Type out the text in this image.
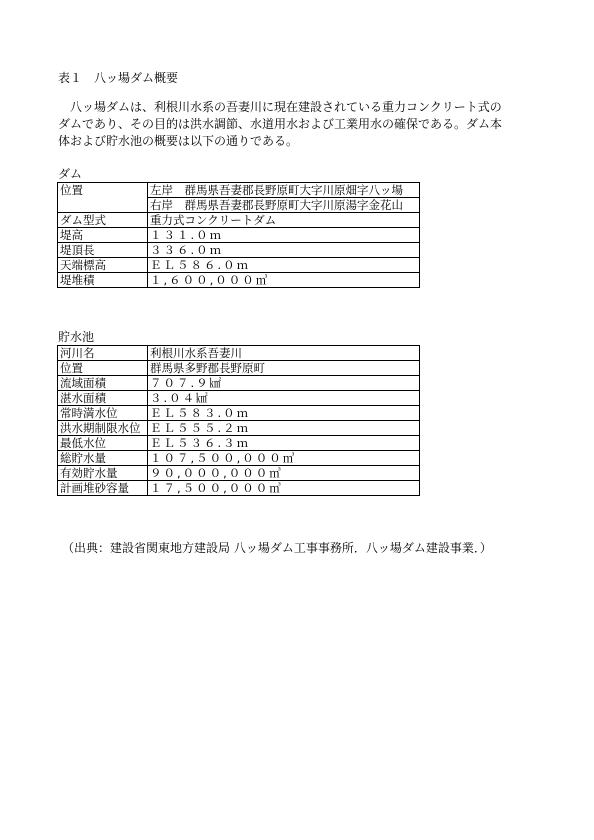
表１　八ッ場ダム概要

　八ッ場ダムは、利根川水系の吾妻川に現在建設されている重力コンクリート式の

ダムであり、その目的は洪水調節、水道用水および工業用水の確保である。ダム本

体および貯水池の概要は以下の通りである。

ダム
位置	左岸　群馬県吾妻郡長野原町大字川原畑字八ッ場
	右岸　群馬県吾妻郡長野原町大字川原湯字金花山
ダム型式	重力式コンクリートダム
堤高	１３１.０ｍ
堤頂長	３３６.０ｍ
天端標高	ＥＬ５８６.０ｍ
堤堆積	１,６００,０００㎥
貯水池
河川名	利根川水系吾妻川
位置	群馬県多野郡長野原町
流域面積	７０７.９㎢
湛水面積	３.０４㎢
常時満水位	ＥＬ５８３.０ｍ
洪水期制限水位	ＥＬ５５５.２ｍ
最低水位	ＥＬ５３６.３ｍ
総貯水量	１０７,５００,０００㎥
有効貯水量	９０,０００,０００㎥
計画堆砂容量	１７,５００,０００㎥
（出典：建設省関東地方建設局 八ッ場ダム工事事務所．八ッ場ダム建設事業．）
